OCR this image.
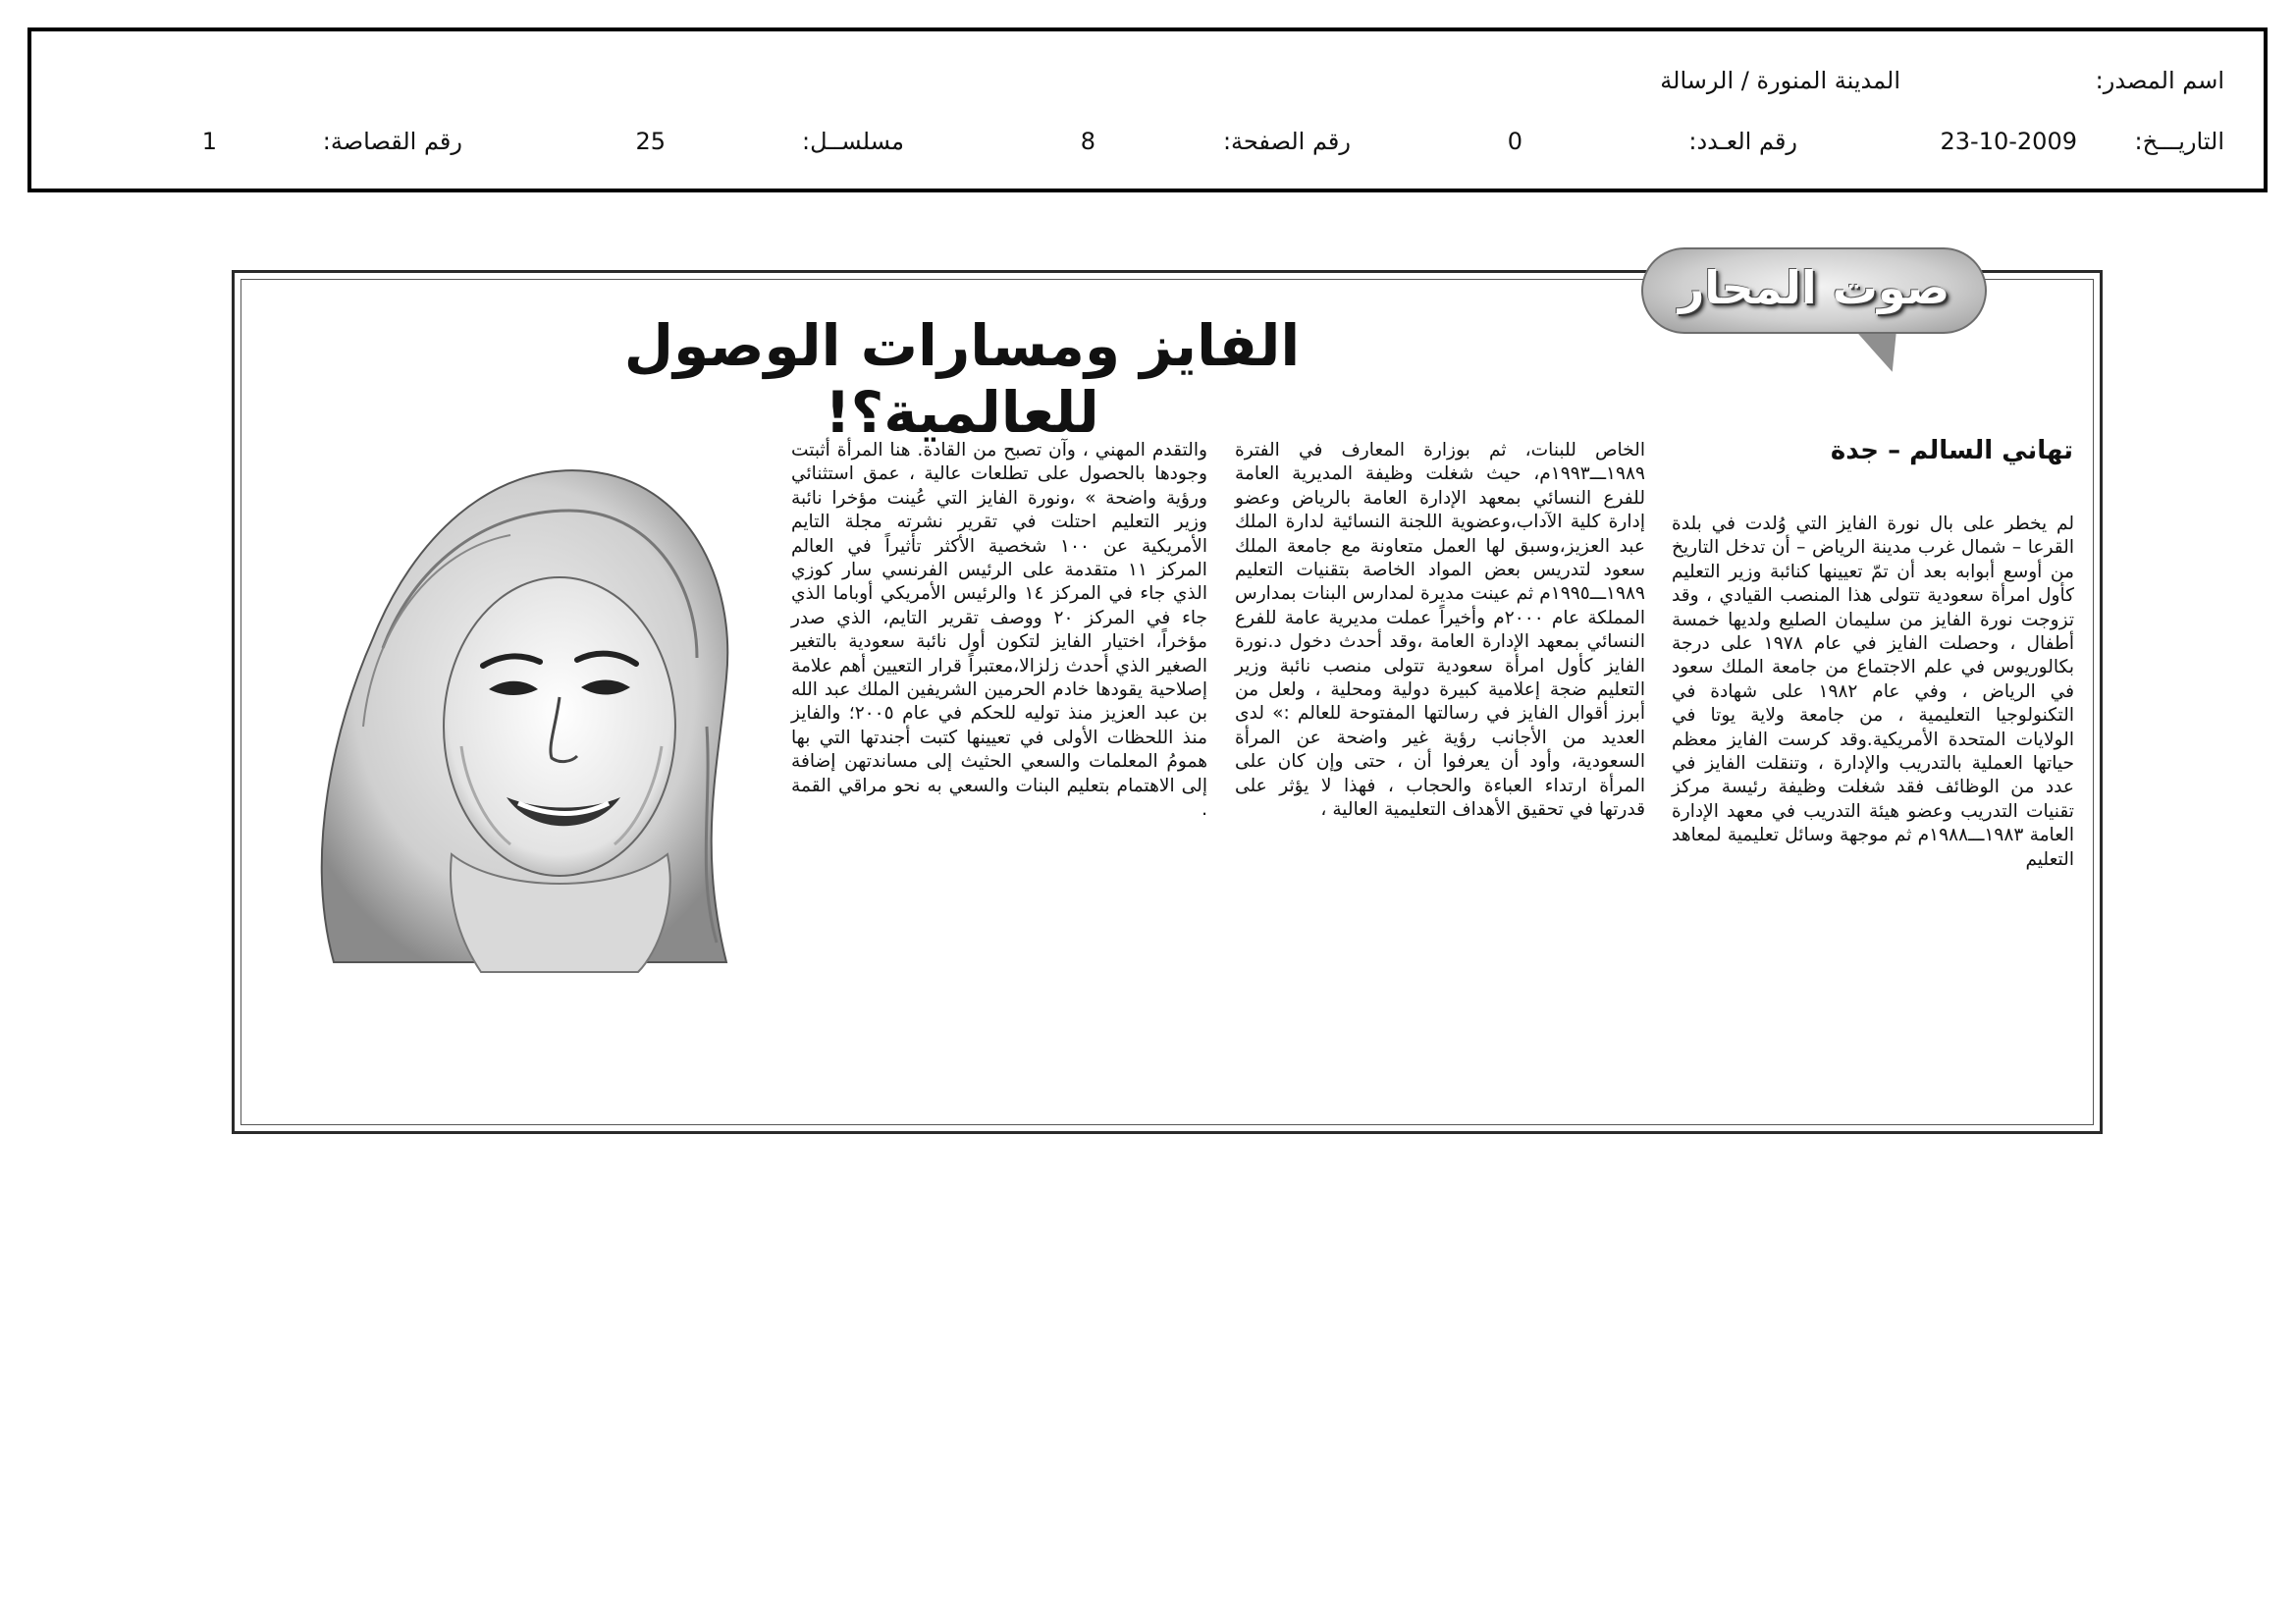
اسم المصدر:
المدينة المنورة / الرسالة
التاريـــخ:
23-10-2009
رقم العـدد:
0
رقم الصفحة:
8
مسلســل:
25
رقم القصاصة:
1
صوت المحار
الفايز ومسارات الوصول للعالمية؟!
تهاني السالم – جدة
لم يخطر على بال نورة الفايز التي وُلدت في بلدة القرعا – شمال غرب مدينة الرياض – أن تدخل التاريخ من أوسع أبوابه بعد أن تمّ تعيينها كنائبة وزير التعليم كأول امرأة سعودية تتولى هذا المنصب القيادي ، وقد تزوجت نورة الفايز من سليمان الصليع ولديها خمسة أطفال ، وحصلت الفايز في عام ١٩٧٨ على درجة بكالوريوس في علم الاجتماع من جامعة الملك سعود في الرياض ، وفي عام ١٩٨٢ على شهادة في التكنولوجيا التعليمية ، من جامعة ولاية يوتا في الولايات المتحدة الأمريكية.وقد كرست الفايز معظم حياتها العملية بالتدريب والإدارة ، وتنقلت الفايز في عدد من الوظائف فقد شغلت وظيفة رئيسة مركز تقنيات التدريب وعضو هيئة التدريب في معهد الإدارة العامة ١٩٨٣ـــ١٩٨٨م ثم موجهة وسائل تعليمية لمعاهد التعليم
الخاص للبنات، ثم بوزارة المعارف في الفترة ١٩٨٩ـــ١٩٩٣م، حيث شغلت وظيفة المديرية العامة للفرع النسائي بمعهد الإدارة العامة بالرياض وعضو إدارة كلية الآداب،وعضوية اللجنة النسائية لدارة الملك عبد العزيز،وسبق لها العمل متعاونة مع جامعة الملك سعود لتدريس بعض المواد الخاصة بتقنيات التعليم ١٩٨٩ـــ١٩٩٥م ثم عينت مديرة لمدارس البنات بمدارس المملكة عام ٢٠٠٠م وأخيراً عملت مديرية عامة للفرع النسائي بمعهد الإدارة العامة ،وقد أحدث دخول د.نورة الفايز كأول امرأة سعودية تتولى منصب نائبة وزير التعليم ضجة إعلامية كبيرة دولية ومحلية ، ولعل من أبرز أقوال الفايز في رسالتها المفتوحة للعالم :» لدى العديد من الأجانب رؤية غير واضحة عن المرأة السعودية، وأود أن يعرفوا أن ، حتى وإن كان على المرأة ارتداء العباءة والحجاب ، فهذا لا يؤثر على قدرتها في تحقيق الأهداف التعليمية العالية ،
والتقدم المهني ، وآن تصبح من القادة. هنا المرأة أثبتت وجودها بالحصول على تطلعات عالية ، عمق استثنائي ورؤية واضحة » ،ونورة الفايز التي عُينت مؤخرا نائبة وزير التعليم احتلت في تقرير نشرته مجلة التايم الأمريكية عن ١٠٠ شخصية الأكثر تأثيراً في العالم المركز ١١ متقدمة على الرئيس الفرنسي سار كوزي الذي جاء في المركز ١٤ والرئيس الأمريكي أوباما الذي جاء في المركز ٢٠ ووصف تقرير التايم، الذي صدر مؤخراً، اختيار الفايز لتكون أول نائبة سعودية بالتغير الصغير الذي أحدث زلزالا،معتبراً قرار التعيين أهم علامة إصلاحية يقودها خادم الحرمين الشريفين الملك عبد الله بن عبد العزيز منذ توليه للحكم في عام ٢٠٠٥؛ والفايز منذ اللحظات الأولى في تعيينها كتبت أجندتها التي بها همومُ المعلمات والسعي الحثيث إلى مساندتهن إضافة إلى الاهتمام بتعليم البنات والسعي به نحو مراقي القمة .
